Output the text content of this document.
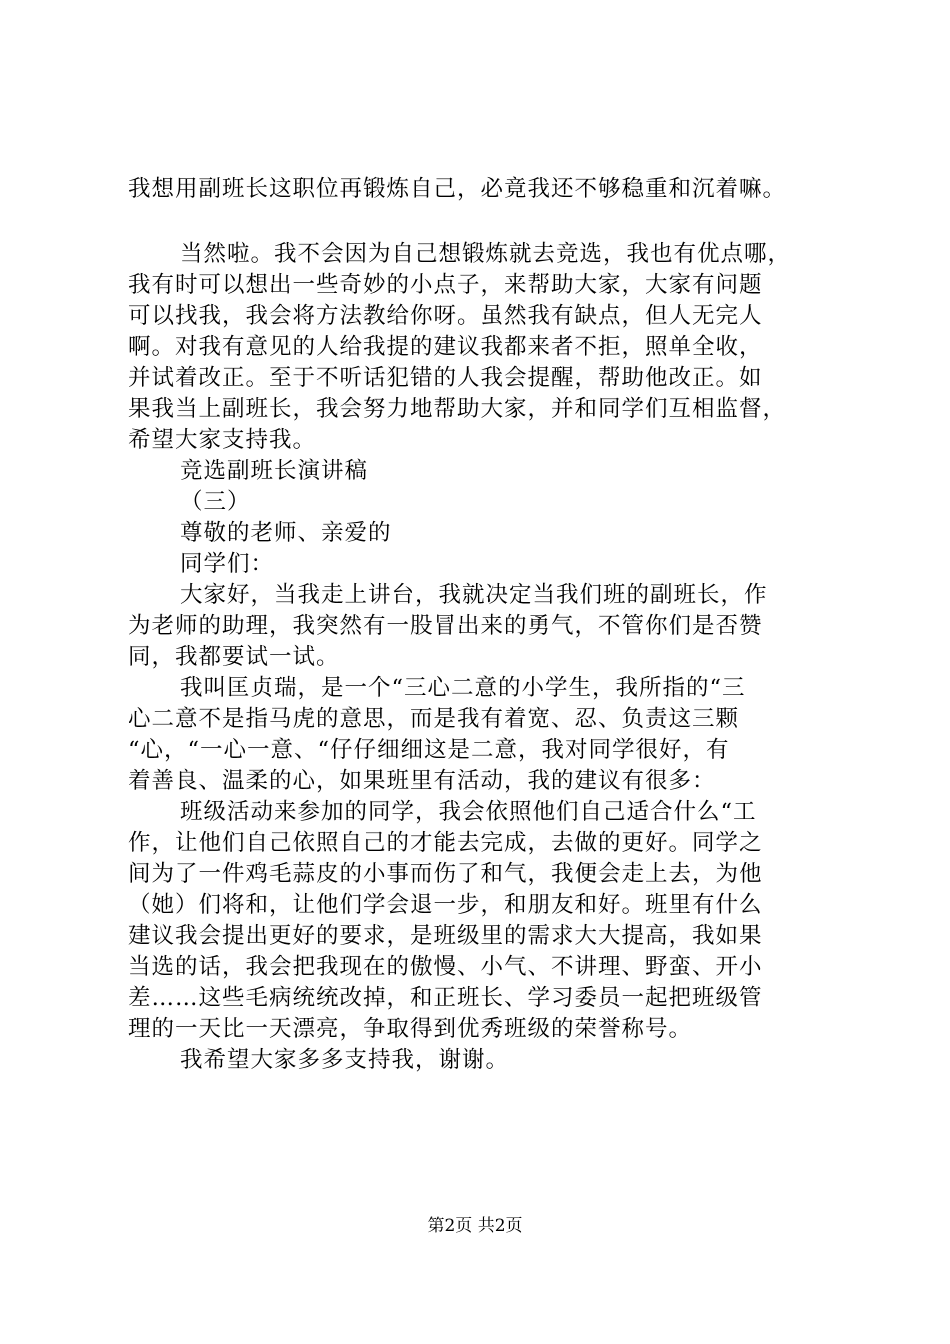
我想用副班长这职位再锻炼自己，必竟我还不够稳重和沉着嘛。
当然啦。我不会因为自己想锻炼就去竞选，我也有优点哪，
我有时可以想出一些奇妙的小点子，来帮助大家，大家有问题
可以找我，我会将方法教给你呀。虽然我有缺点，但人无完人
啊。对我有意见的人给我提的建议我都来者不拒，照单全收，
并试着改正。至于不听话犯错的人我会提醒，帮助他改正。如
果我当上副班长，我会努力地帮助大家，并和同学们互相监督，
希望大家支持我。
竞选副班长演讲稿
（三）
尊敬的老师、亲爱的
同学们：
大家好，当我走上讲台，我就决定当我们班的副班长，作
为老师的助理，我突然有一股冒出来的勇气，不管你们是否赞
同，我都要试一试。
我叫匡贞瑞，是一个“三心二意的小学生，我所指的“三
心二意不是指马虎的意思，而是我有着宽、忍、负责这三颗
“心，“一心一意、“仔仔细细这是二意，我对同学很好，有
着善良、温柔的心，如果班里有活动，我的建议有很多：
班级活动来参加的同学，我会依照他们自己适合什么“工
作，让他们自己依照自己的才能去完成，去做的更好。同学之
间为了一件鸡毛蒜皮的小事而伤了和气，我便会走上去，为他
（她）们将和，让他们学会退一步，和朋友和好。班里有什么
建议我会提出更好的要求，是班级里的需求大大提高，我如果
当选的话，我会把我现在的傲慢、小气、不讲理、野蛮、开小
差……这些毛病统统改掉，和正班长、学习委员一起把班级管
理的一天比一天漂亮，争取得到优秀班级的荣誉称号。
我希望大家多多支持我，谢谢。
第2页 共2页
